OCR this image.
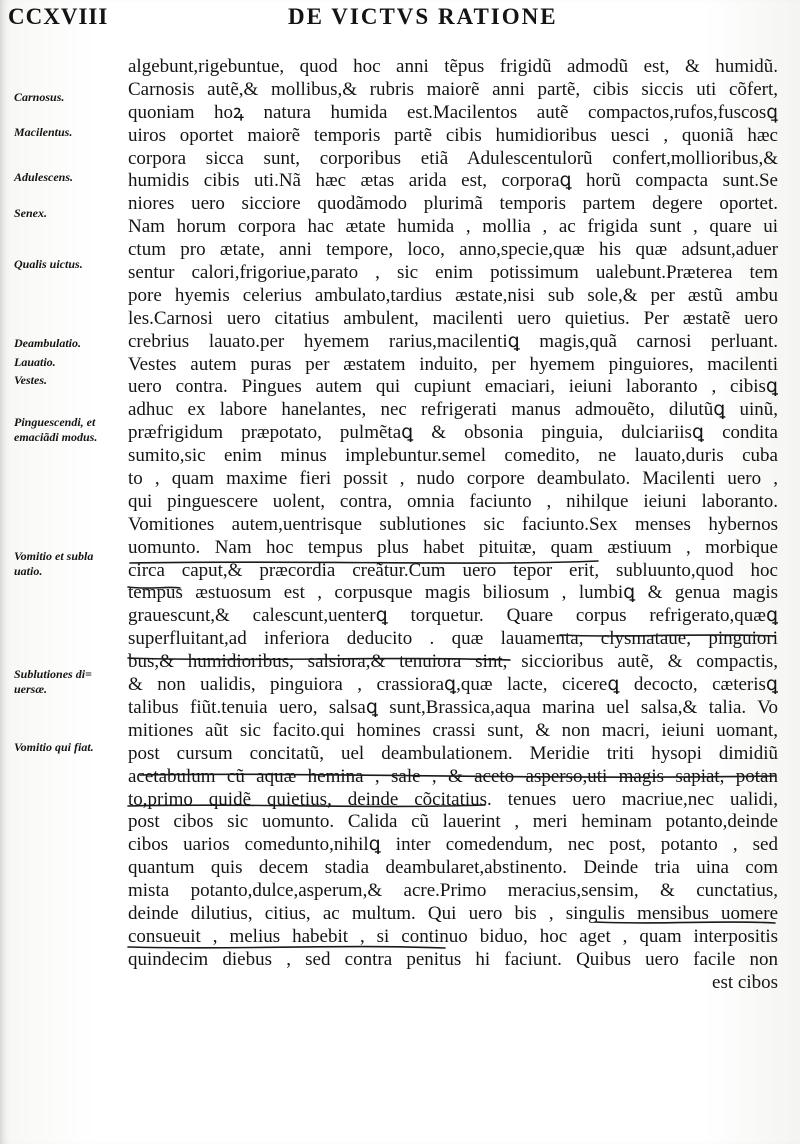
CCXVIII	DE VICTVS RATIONE
Carnosus.
Macilentus.
Adulescens.
Senex.
Qualis uictus.
Deambulatio.
Lauatio.
Vestes.
Pinguescendi, et
emaciãdi modus.
Vomitio et subla
uatio.
Sublutiones di=
uersæ.
Vomitio qui fiat.
algebunt,rigebuntue, quod hoc anni tẽpus frigidũ admodũ est, & humidũ.
Carnosis autẽ,& mollibus,& rubris maiorẽ anni partẽ, cibis siccis uti cõfert,
quoniam hoꝝ natura humida est.Macilentos autẽ compactos,rufos,fuscosꝗ
uiros oportet maiorẽ temporis partẽ cibis humidioribus uesci , quoniã hæc
corpora sicca sunt, corporibus etiã Adulescentulorũ confert,mollioribus,&
humidis cibis uti.Nã hæc ætas arida est, corporaꝗ horũ compacta sunt.Se
niores uero sicciore quodãmodo plurimã temporis partem degere oportet.
Nam horum corpora hac ætate humida , mollia , ac frigida sunt , quare ui
ctum pro ætate, anni tempore, loco, anno,specie,quæ his quæ adsunt,aduer
sentur calori,frigoriue,parato , sic enim potissimum ualebunt.Præterea tem
pore hyemis celerius ambulato,tardius æstate,nisi sub sole,& per æstũ ambu
les.Carnosi uero citatius ambulent, macilenti uero quietius. Per æstatẽ uero
crebrius lauato.per hyemem rarius,macilentiꝗ magis,quã carnosi perluant.
Vestes autem puras per æstatem induito, per hyemem pinguiores, macilenti
uero contra. Pingues autem qui cupiunt emaciari, ieiuni laboranto , cibisꝗ
adhuc ex labore hanelantes, nec refrigerati manus admouẽto, dilutũꝗ uinũ,
præfrigidum præpotato, pulmẽtaꝗ & obsonia pinguia, dulciariisꝗ condita
sumito,sic enim minus implebuntur.semel comedito, ne lauato,duris cuba
to , quam maxime fieri possit , nudo corpore deambulato. Macilenti uero ,
qui pinguescere uolent, contra, omnia faciunto , nihilque ieiuni laboranto.
Vomitiones autem,uentrisque sublutiones sic faciunto.Sex menses hybernos
uomunto. Nam hoc tempus plus habet pituitæ, quam æstiuum , morbique
circa caput,& præcordia creãtur.Cum uero tepor erit, subluunto,quod hoc
tempus æstuosum est , corpusque magis biliosum , lumbiꝗ & genua magis
grauescunt,& calescunt,uenterꝗ torquetur. Quare corpus refrigerato,quæꝗ
superfluitant,ad inferiora deducito . quæ lauamenta, clysmataue, pinguiori
bus,& humidioribus, salsiora,& tenuiora sint, siccioribus autẽ, & compactis,
& non ualidis, pinguiora , crassioraꝗ,quæ lacte, cicereꝗ decocto, cæterisꝗ
talibus fiũt.tenuia uero, salsaꝗ sunt,Brassica,aqua marina uel salsa,& talia. Vo
mitiones aũt sic facito.qui homines crassi sunt, & non macri, ieiuni uomant,
post cursum concitatũ, uel deambulationem. Meridie triti hysopi dimidiũ
acetabulum cũ aquæ hemina , sale , & aceto asperso,uti magis sapiat, potan
to,primo quidẽ quietius, deinde cõcitatius. tenues uero macriue,nec ualidi,
post cibos sic uomunto. Calida cũ lauerint , meri heminam potanto,deinde
cibos uarios comedunto,nihilꝗ inter comedendum, nec post, potanto , sed
quantum quis decem stadia deambularet,abstinento. Deinde tria uina com
mista potanto,dulce,asperum,& acre.Primo meracius,sensim, & cunctatius,
deinde dilutius, citius, ac multum. Qui uero bis , singulis mensibus uomere
consueuit , melius habebit , si continuo biduo, hoc aget , quam interpositis
quindecim diebus , sed contra penitus hi faciunt. Quibus uero facile non
est cibos
